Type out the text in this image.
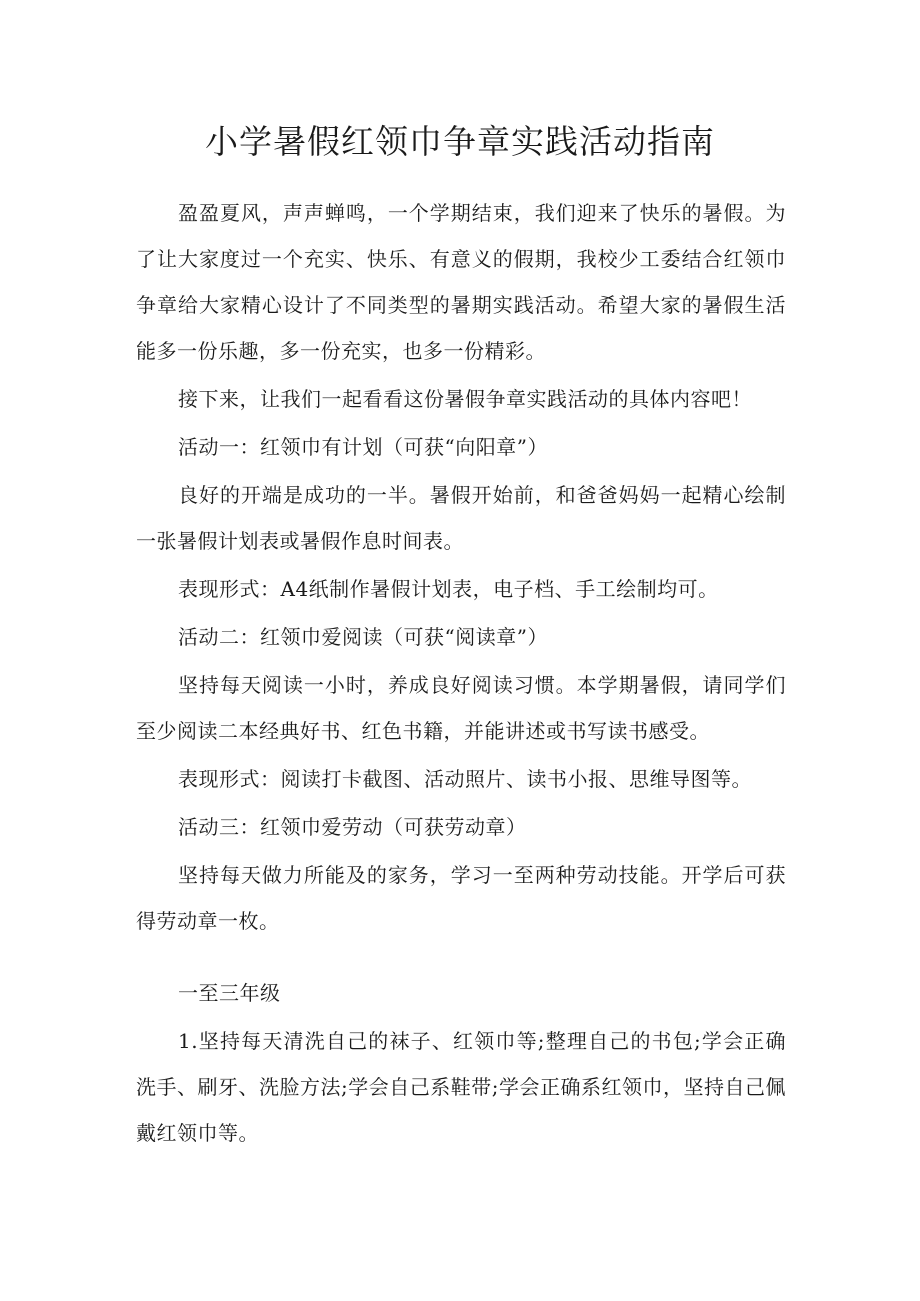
小学暑假红领巾争章实践活动指南

盈盈夏风，声声蝉鸣，一个学期结束，我们迎来了快乐的暑假。为了让大家度过一个充实、快乐、有意义的假期，我校少工委结合红领巾争章给大家精心设计了不同类型的暑期实践活动。希望大家的暑假生活能多一份乐趣，多一份充实，也多一份精彩。

接下来，让我们一起看看这份暑假争章实践活动的具体内容吧！

活动一：红领巾有计划（可获“向阳章”）

良好的开端是成功的一半。暑假开始前，和爸爸妈妈一起精心绘制一张暑假计划表或暑假作息时间表。

表现形式：A4纸制作暑假计划表，电子档、手工绘制均可。

活动二：红领巾爱阅读（可获“阅读章”）

坚持每天阅读一小时，养成良好阅读习惯。本学期暑假，请同学们至少阅读二本经典好书、红色书籍，并能讲述或书写读书感受。

表现形式：阅读打卡截图、活动照片、读书小报、思维导图等。

活动三：红领巾爱劳动（可获劳动章）

坚持每天做力所能及的家务，学习一至两种劳动技能。开学后可获得劳动章一枚。

一至三年级

1.坚持每天清洗自己的袜子、红领巾等;整理自己的书包;学会正确洗手、刷牙、洗脸方法;学会自己系鞋带;学会正确系红领巾，坚持自己佩戴红领巾等。
